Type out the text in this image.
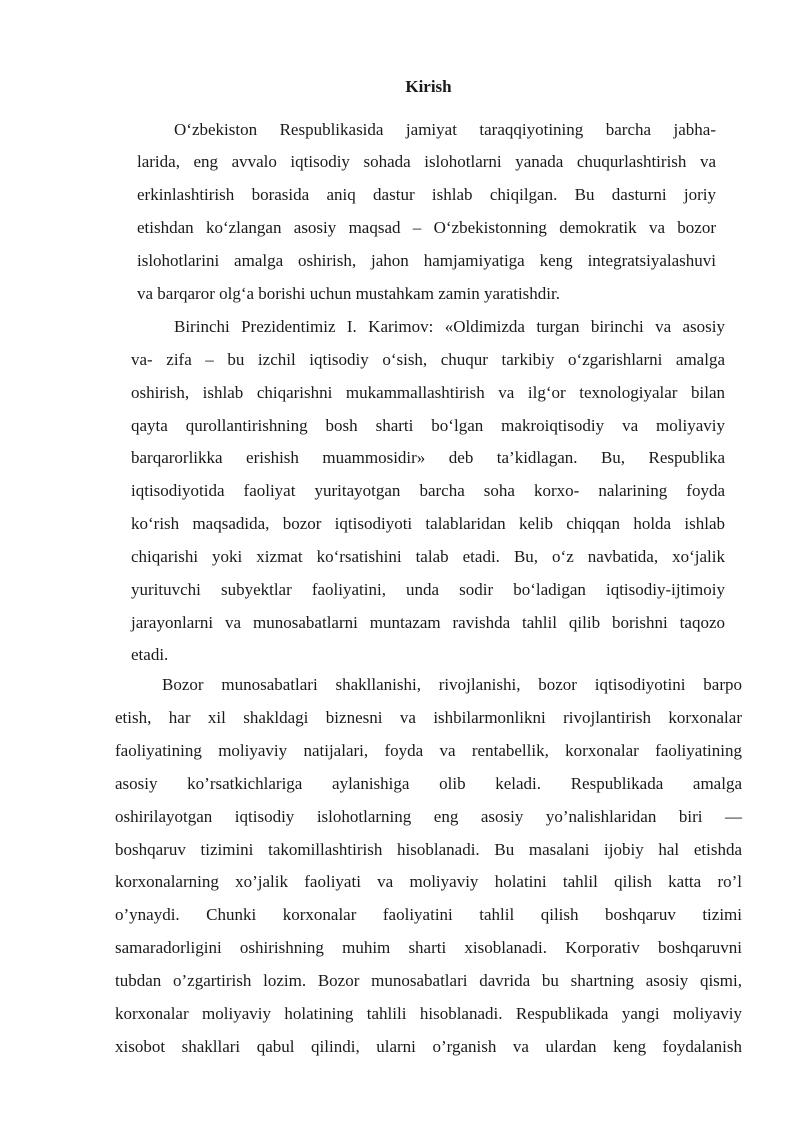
Kirish
O‘zbekiston Respublikasida jamiyat taraqqiyotining barcha jabha-
larida, eng avvalo iqtisodiy sohada islohotlarni yanada chuqurlashtirish va
erkinlashtirish borasida aniq dastur ishlab chiqilgan. Bu dasturni joriy
etishdan ko‘zlangan asosiy maqsad – O‘zbekistonning demokratik va bozor
islohotlarini amalga oshirish, jahon hamjamiyatiga keng integratsiyalashuvi
va barqaror olg‘a borishi uchun mustahkam zamin yaratishdir.
Birinchi Prezidentimiz I. Karimov: «Oldimizda turgan birinchi va asosiy
va- zifa – bu izchil iqtisodiy o‘sish, chuqur tarkibiy o‘zgarishlarni amalga
oshirish, ishlab chiqarishni mukammallashtirish va ilg‘or texnologiyalar bilan
qayta qurollantirishning bosh sharti bo‘lgan makroiqtisodiy va moliyaviy
barqarorlikka erishish muammosidir» deb ta’kidlagan. Bu, Respublika
iqtisodiyotida faoliyat yuritayotgan barcha soha korxo- nalarining foyda
ko‘rish maqsadida, bozor iqtisodiyoti talablaridan kelib chiqqan holda ishlab
chiqarishi yoki xizmat ko‘rsatishini talab etadi. Bu, o‘z navbatida, xo‘jalik
yurituvchi subyektlar faoliyatini, unda sodir bo‘ladigan iqtisodiy-ijtimoiy
jarayonlarni va munosabatlarni muntazam ravishda tahlil qilib borishni taqozo
etadi.
Bozor munosabatlari shakllanishi, rivojlanishi, bozor iqtisodiyotini barpo
etish, har xil shakldagi biznesni va ishbilarmonlikni rivojlantirish korxonalar
faoliyatining moliyaviy natijalari, foyda va rentabellik, korxonalar faoliyatining
asosiy ko’rsatkichlariga aylanishiga olib keladi. Respublikada amalga
oshirilayotgan iqtisodiy islohotlarning eng asosiy yo’nalishlaridan biri —
boshqaruv tizimini takomillashtirish hisoblanadi. Bu masalani ijobiy hal etishda
korxonalarning xo’jalik faoliyati va moliyaviy holatini tahlil qilish katta ro’l
o’ynaydi. Chunki korxonalar faoliyatini tahlil qilish boshqaruv tizimi
samaradorligini oshirishning muhim sharti xisoblanadi. Korporativ boshqaruvni
tubdan o’zgartirish lozim. Bozor munosabatlari davrida bu shartning asosiy qismi,
korxonalar moliyaviy holatining tahlili hisoblanadi. Respublikada yangi moliyaviy
xisobot shakllari qabul qilindi, ularni o’rganish va ulardan keng foydalanish
